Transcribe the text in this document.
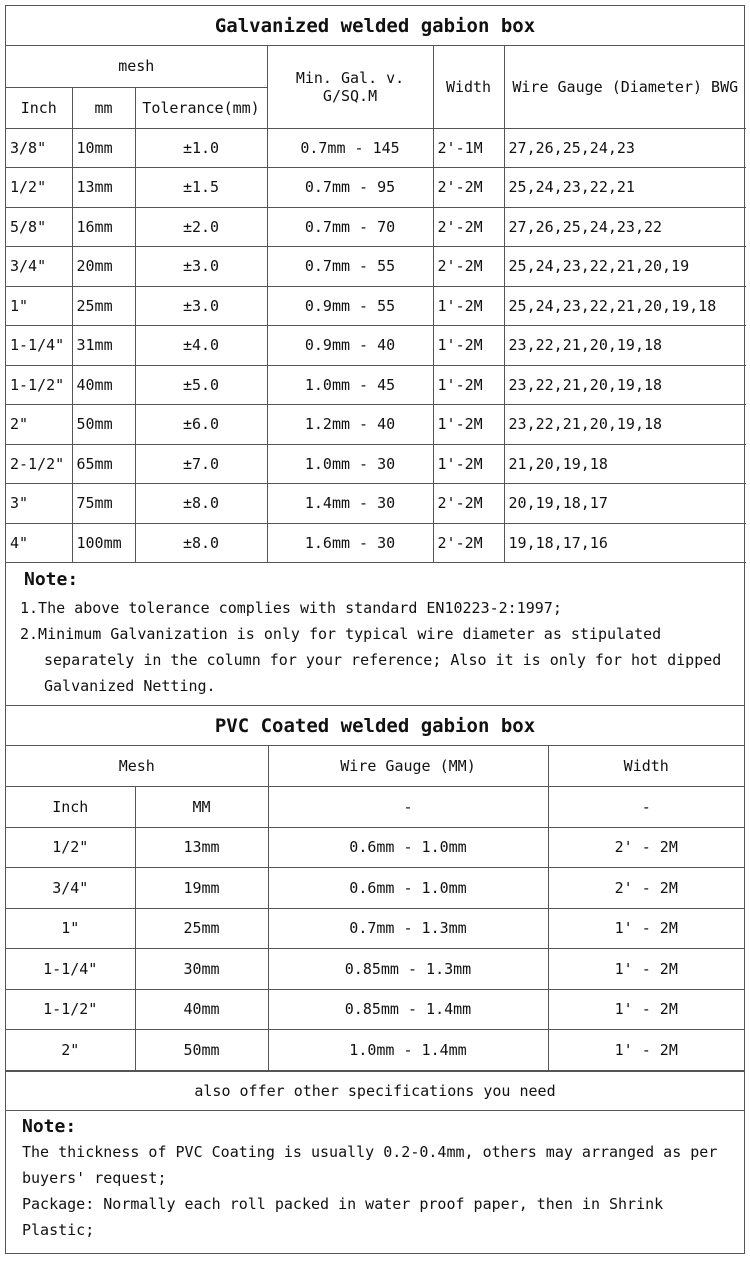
Galvanized welded gabion box
mesh			Min. Gal. v. G/SQ.M	Width	Wire Gauge (Diameter) BWG
Inch	mm	Tolerance(mm)			
3/8"	10mm	±1.0	0.7mm - 145	2'-1M	27,26,25,24,23
1/2"	13mm	±1.5	0.7mm - 95	2'-2M	25,24,23,22,21
5/8"	16mm	±2.0	0.7mm - 70	2'-2M	27,26,25,24,23,22
3/4"	20mm	±3.0	0.7mm - 55	2'-2M	25,24,23,22,21,20,19
1"	25mm	±3.0	0.9mm - 55	1'-2M	25,24,23,22,21,20,19,18
1-1/4"	31mm	±4.0	0.9mm - 40	1'-2M	23,22,21,20,19,18
1-1/2"	40mm	±5.0	1.0mm - 45	1'-2M	23,22,21,20,19,18
2"	50mm	±6.0	1.2mm - 40	1'-2M	23,22,21,20,19,18
2-1/2"	65mm	±7.0	1.0mm - 30	1'-2M	21,20,19,18
3"	75mm	±8.0	1.4mm - 30	2'-2M	20,19,18,17
4"	100mm	±8.0	1.6mm - 30	2'-2M	19,18,17,16
Note:
1.The above tolerance complies with standard EN10223-2:1997;
2.Minimum Galvanization is only for typical wire diameter as stipulated separately in the column for your reference; Also it is only for hot dipped Galvanized Netting.
PVC Coated welded gabion box
Mesh		Wire Gauge (MM)	Width
Inch	MM	-	-
1/2"	13mm	0.6mm - 1.0mm	2' - 2M
3/4"	19mm	0.6mm - 1.0mm	2' - 2M
1"	25mm	0.7mm - 1.3mm	1' - 2M
1-1/4"	30mm	0.85mm - 1.3mm	1' - 2M
1-1/2"	40mm	0.85mm - 1.4mm	1' - 2M
2"	50mm	1.0mm - 1.4mm	1' - 2M
also offer other specifications you need
Note:
The thickness of PVC Coating is usually 0.2-0.4mm, others may arranged as per buyers' request;
Package: Normally each roll packed in water proof paper, then in Shrink Plastic;
